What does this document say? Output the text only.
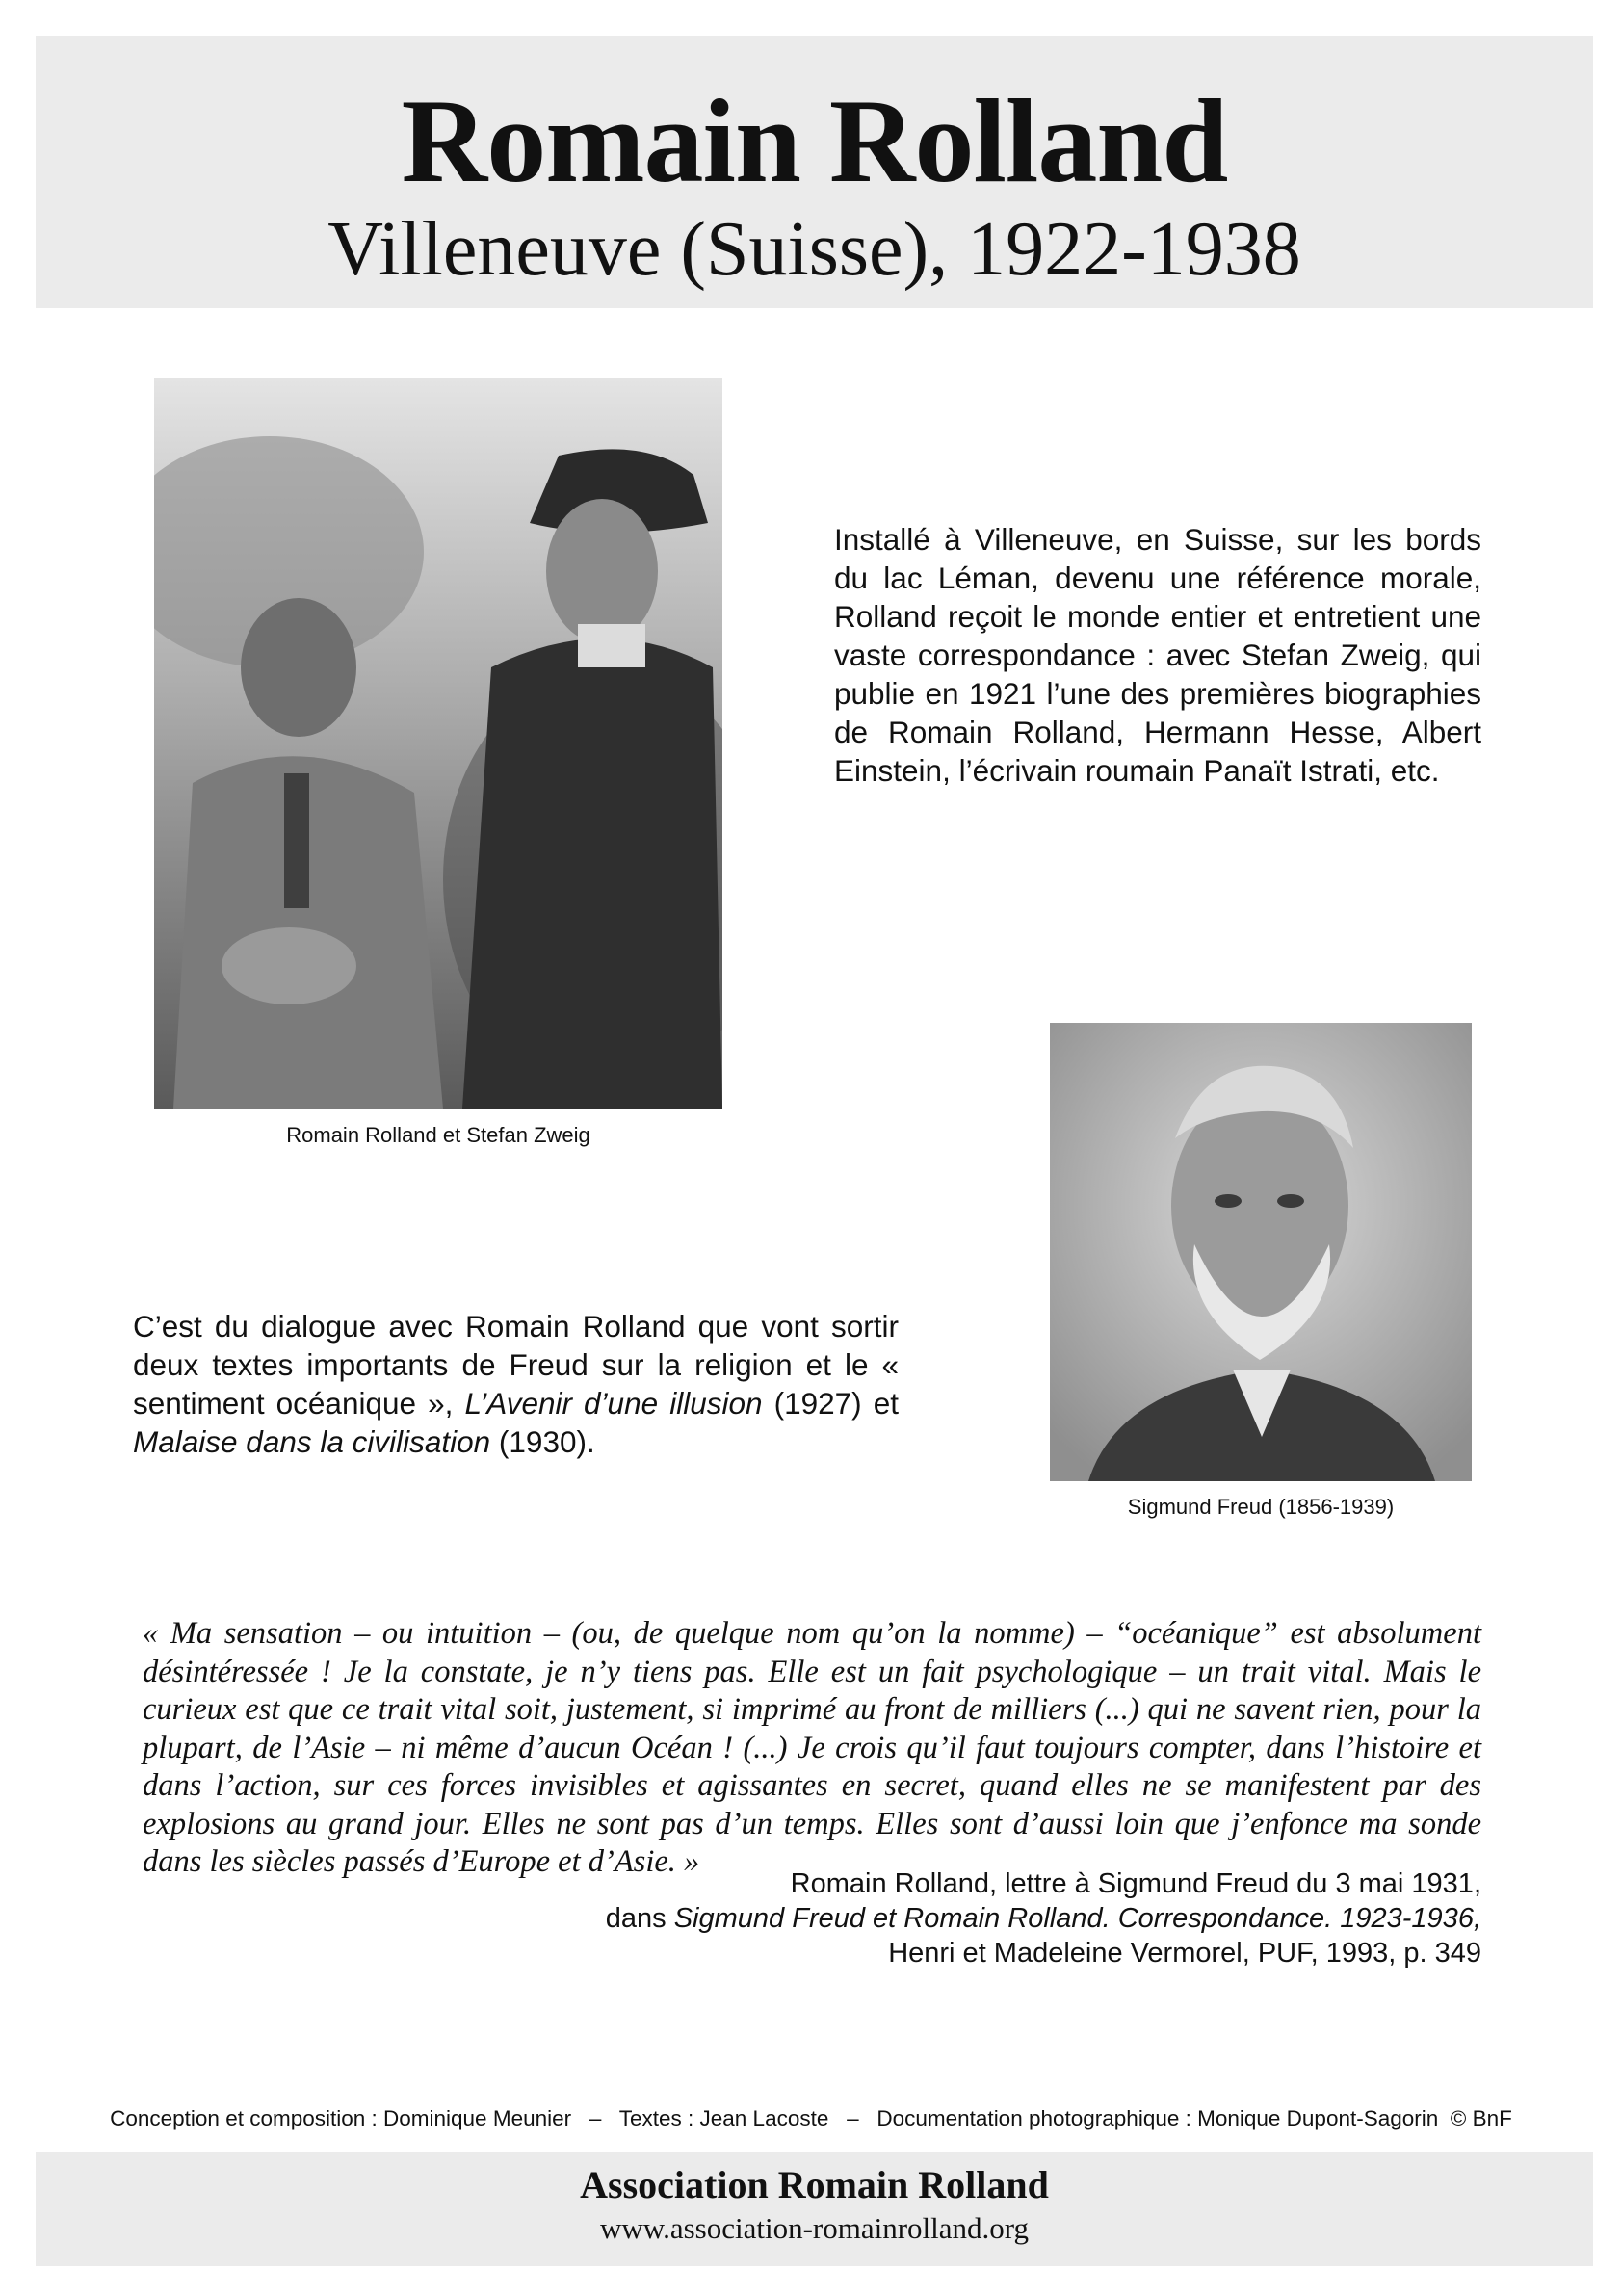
Romain Rolland
Villeneuve (Suisse), 1922-1938
Romain Rolland et Stefan Zweig
Installé à Villeneuve, en Suisse, sur les bords du lac Léman, devenu une référence morale, Rolland reçoit le monde entier et entretient une vaste correspondance : avec Stefan Zweig, qui publie en 1921 l’une des premières biographies de Romain Rolland, Hermann Hesse, Albert Einstein, l’écrivain roumain Panaït Istrati, etc.
Sigmund Freud (1856-1939)
C’est du dialogue avec Romain Rolland que vont sortir deux textes importants de Freud sur la religion et le « sentiment océanique », L’Avenir d’une illusion (1927) et Malaise dans la civilisation (1930).
« Ma sensation – ou intuition – (ou, de quelque nom qu’on la nomme) – “océanique” est absolument désintéressée ! Je la constate, je n’y tiens pas. Elle est un fait psychologique – un trait vital. Mais le curieux est que ce trait vital soit, justement, si imprimé au front de milliers (...) qui ne savent rien, pour la plupart, de l’Asie – ni même d’aucun Océan ! (...) Je crois qu’il faut toujours compter, dans l’histoire et dans l’action, sur ces forces invisibles et agissantes en secret, quand elles ne se manifestent par des explosions au grand jour. Elles ne sont pas d’un temps. Elles sont d’aussi loin que j’enfonce ma sonde dans les siècles passés d’Europe et d’Asie. »
Romain Rolland, lettre à Sigmund Freud du 3 mai 1931,
dans Sigmund Freud et Romain Rolland. Correspondance. 1923-1936,
Henri et Madeleine Vermorel, PUF, 1993, p. 349
Conception et composition : Dominique Meunier   –   Textes : Jean Lacoste   –   Documentation photographique : Monique Dupont-Sagorin  © BnF
Association Romain Rolland
www.association-romainrolland.org
